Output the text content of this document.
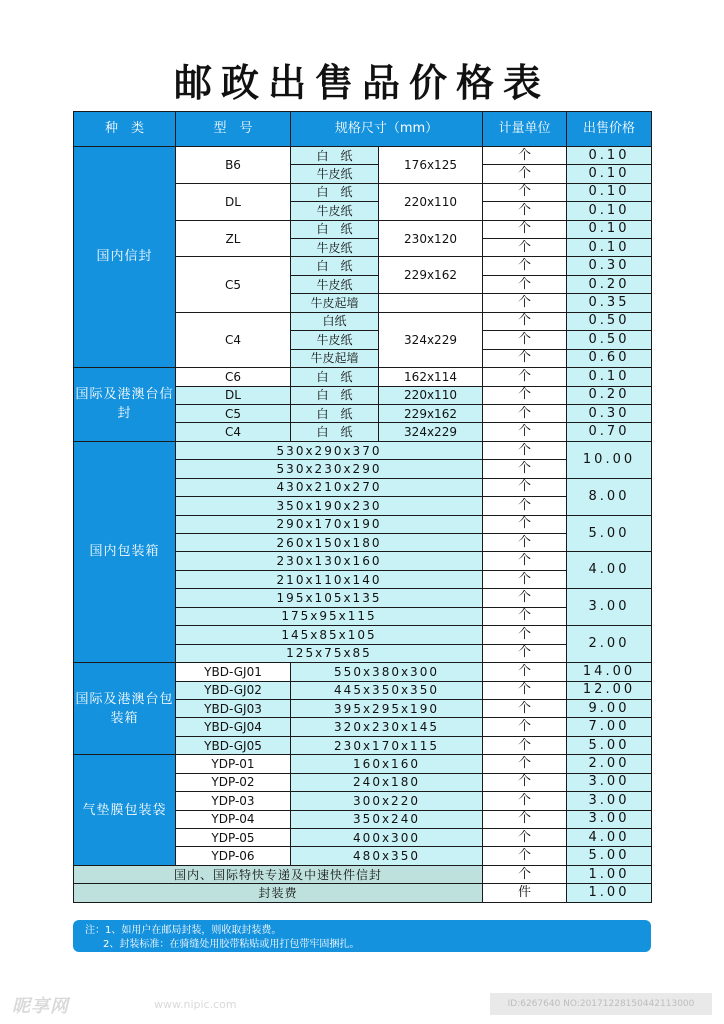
邮政出售品价格表
种　类	型　号	规格尺寸（mm）		计量单位	出售价格
国内信封	B6	白　纸	176x125	个	0.10
		牛皮纸		个	0.10
	DL	白　纸	220x110	个	0.10
		牛皮纸		个	0.10
	ZL	白　纸	230x120	个	0.10
		牛皮纸		个	0.10
	C5	白　纸	229x162	个	0.30
		牛皮纸		个	0.20
		牛皮起墙		个	0.35
	C4	白纸	324x229	个	0.50
		牛皮纸		个	0.50
		牛皮起墙		个	0.60
国际及港澳台信封	C6	白　纸	162x114	个	0.10
	DL	白　纸	220x110	个	0.20
	C5	白　纸	229x162	个	0.30
	C4	白　纸	324x229	个	0.70
国内包装箱	530x290x370			个	10.00
	530x230x290			个	
	430x210x270			个	8.00
	350x190x230			个	
	290x170x190			个	5.00
	260x150x180			个	
	230x130x160			个	4.00
	210x110x140			个	
	195x105x135			个	3.00
	175x95x115			个	
	145x85x105			个	2.00
	125x75x85			个	
国际及港澳台包装箱	YBD-GJ01	550x380x300		个	14.00
	YBD-GJ02	445x350x350		个	12.00
	YBD-GJ03	395x295x190		个	9.00
	YBD-GJ04	320x230x145		个	7.00
	YBD-GJ05	230x170x115		个	5.00
气垫膜包装袋	YDP-01	160x160		个	2.00
	YDP-02	240x180		个	3.00
	YDP-03	300x220		个	3.00
	YDP-04	350x240		个	3.00
	YDP-05	400x300		个	4.00
	YDP-06	480x350		个	5.00
国内、国际特快专递及中速快件信封				个	1.00
封装费				件	1.00
注：1、如用户在邮局封装，则收取封装费。
2、封装标准：在骑缝处用胶带粘贴或用打包带牢固捆扎。
昵享网	www.nipic.com	ID:6267640 NO:20171228150442113000
